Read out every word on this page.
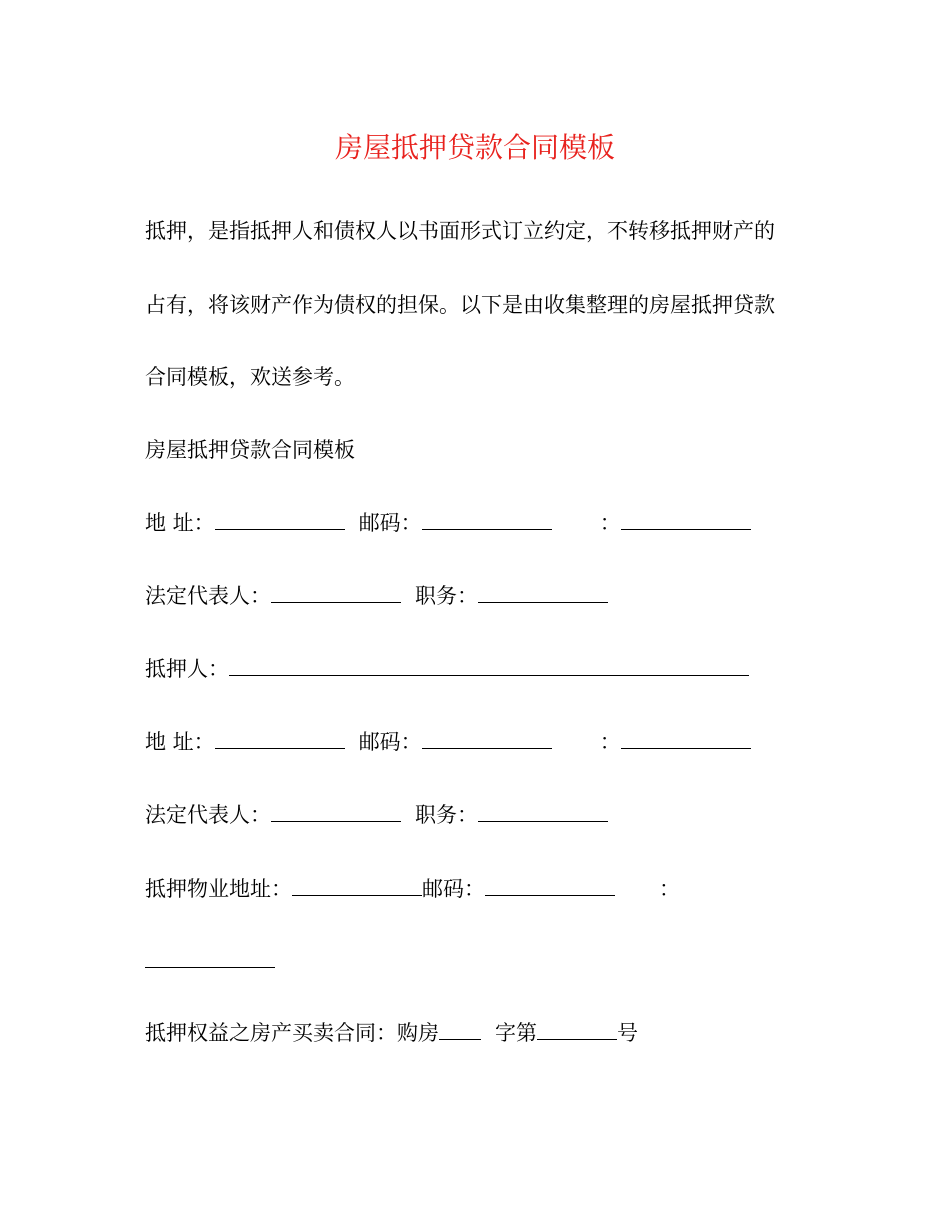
房屋抵押贷款合同模板
抵押，是指抵押人和债权人以书面形式订立约定，不转移抵押财产的
占有，将该财产作为债权的担保。以下是由收集整理的房屋抵押贷款
合同模板，欢送参考。
房屋抵押贷款合同模板
地 址：	邮码：	：
法定代表人：	职务：
抵押人：
地 址：	邮码：	：
法定代表人：	职务：
抵押物业地址：	邮码：	：
抵押权益之房产买卖合同：购房	字第	号
